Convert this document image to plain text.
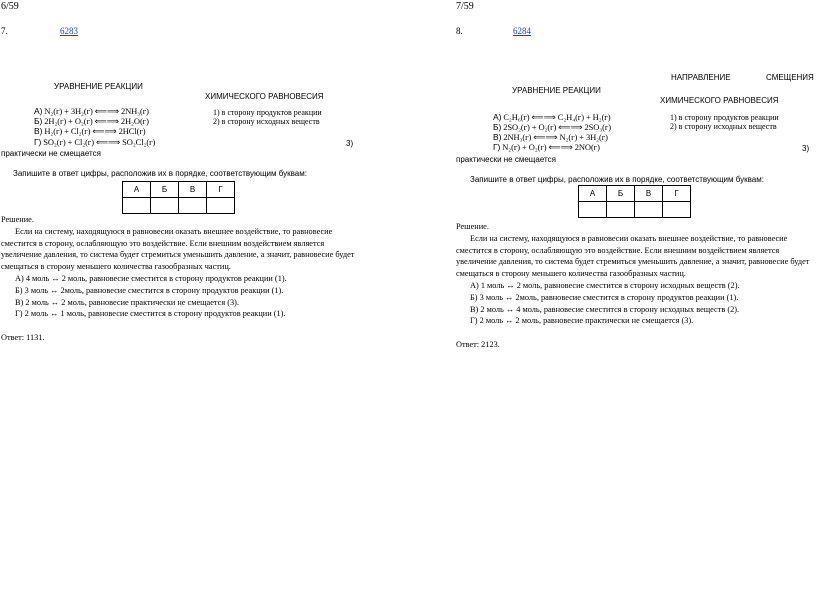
6/59
7.	6283
УРАВНЕНИЕ РЕАКЦИИ
ХИМИЧЕСКОГО РАВНОВЕСИЯ
А) N₂(г) + 3H₂(г) ⟸⟹ 2NH₃(г)
Б) 2H₂(г) + O₂(г) ⟸⟹ 2H₂O(г)
В) H₂(г) + Cl₂(г) ⟸⟹ 2HCl(г)
Г) SO₂(г) + Cl₂(г) ⟸⟹ SO₂Cl₂(г)
1) в сторону продуктов реакции
2) в сторону исходных веществ
3)
практически не смещается
Запишите в ответ цифры, расположив их в порядке, соответствующим буквам:
А	Б	В	Г

Решение.

Если на систему, находящуюся в равновесии оказать внешнее воздействие, то равновесие сместится в сторону, ослабляющую это воздействие. Если внешним воздействием является увеличение давления, то система будет стремиться уменьшить давление, а значит, равновесие будет смещаться в сторону меньшего количества газообразных частиц.

А) 4 моль ↔ 2 моль, равновесие сместится в сторону продуктов реакции (1).

Б) 3 моль ↔ 2моль, равновесие сместится в сторону продуктов реакции (1).

В) 2 моль ↔ 2 моль, равновесие практически не смещается (3).

Г) 2 моль ↔ 1 моль, равновесие сместится в сторону продуктов реакции (1).

Ответ: 1131.

7/59
8.	6284
НАПРАВЛЕНИЕ	СМЕЩЕНИЯ
УРАВНЕНИЕ РЕАКЦИИ
ХИМИЧЕСКОГО РАВНОВЕСИЯ
А) C₂H₆(г) ⟸⟹ C₂H₄(г) + H₂(г)
Б) 2SO₂(г) + O₂(г) ⟸⟹ 2SO₃(г)
В) 2NH₃(г) ⟸⟹ N₂(г) + 3H₂(г)
Г) N₂(г) + O₂(г) ⟸⟹ 2NO(г)
1) в сторону продуктов реакции
2) в сторону исходных веществ
3)
практически не смещается
Запишите в ответ цифры, расположив их в порядке, соответствующим буквам:
А	Б	В	Г

Решение.

Если на систему, находящуюся в равновесии оказать внешнее воздействие, то равновесие сместится в сторону, ослабляющую это воздействие. Если внешним воздействием является увеличение давления, то система будет стремиться уменьшить давление, а значит, равновесие будет смещаться в сторону меньшего количества газообразных частиц.

А) 1 моль ↔ 2 моль, равновесие сместится в сторону исходных веществ (2).

Б) 3 моль ↔ 2моль, равновесие сместится в сторону продуктов реакции (1).

В) 2 моль ↔ 4 моль, равновесие сместится в сторону исходных веществ (2).

Г) 2 моль ↔ 2 моль, равновесие практически не смещается (3).

Ответ: 2123.
